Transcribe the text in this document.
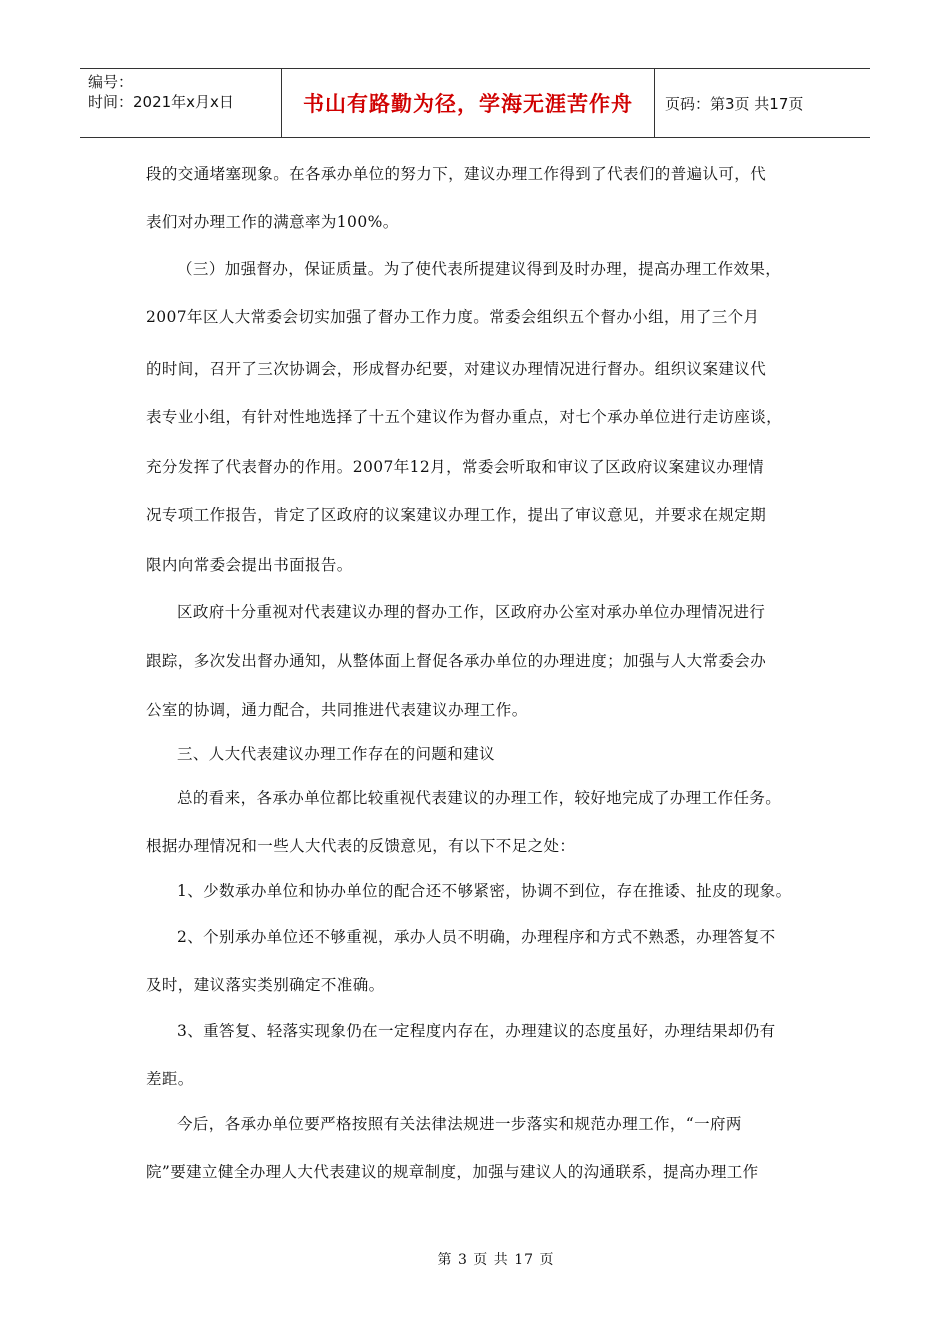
编号：
时间：2021年x月x日	书山有路勤为径，学海无涯苦作舟	页码：第3页 共17页
段的交通堵塞现象。在各承办单位的努力下，建议办理工作得到了代表们的普遍认可，代
表们对办理工作的满意率为100%。
（三）加强督办，保证质量。为了使代表所提建议得到及时办理，提高办理工作效果，
2007年区人大常委会切实加强了督办工作力度。常委会组织五个督办小组，用了三个月
的时间，召开了三次协调会，形成督办纪要，对建议办理情况进行督办。组织议案建议代
表专业小组，有针对性地选择了十五个建议作为督办重点，对七个承办单位进行走访座谈，
充分发挥了代表督办的作用。2007年12月，常委会听取和审议了区政府议案建议办理情
况专项工作报告，肯定了区政府的议案建议办理工作，提出了审议意见，并要求在规定期
限内向常委会提出书面报告。
区政府十分重视对代表建议办理的督办工作，区政府办公室对承办单位办理情况进行
跟踪，多次发出督办通知，从整体面上督促各承办单位的办理进度；加强与人大常委会办
公室的协调，通力配合，共同推进代表建议办理工作。
三、人大代表建议办理工作存在的问题和建议
总的看来，各承办单位都比较重视代表建议的办理工作，较好地完成了办理工作任务。
根据办理情况和一些人大代表的反馈意见，有以下不足之处：
1、少数承办单位和协办单位的配合还不够紧密，协调不到位，存在推诿、扯皮的现象。
2、个别承办单位还不够重视，承办人员不明确，办理程序和方式不熟悉，办理答复不
及时，建议落实类别确定不准确。
3、重答复、轻落实现象仍在一定程度内存在，办理建议的态度虽好，办理结果却仍有
差距。
今后，各承办单位要严格按照有关法律法规进一步落实和规范办理工作，“一府两
院”要建立健全办理人大代表建议的规章制度，加强与建议人的沟通联系，提高办理工作
第 3 页 共 17 页
